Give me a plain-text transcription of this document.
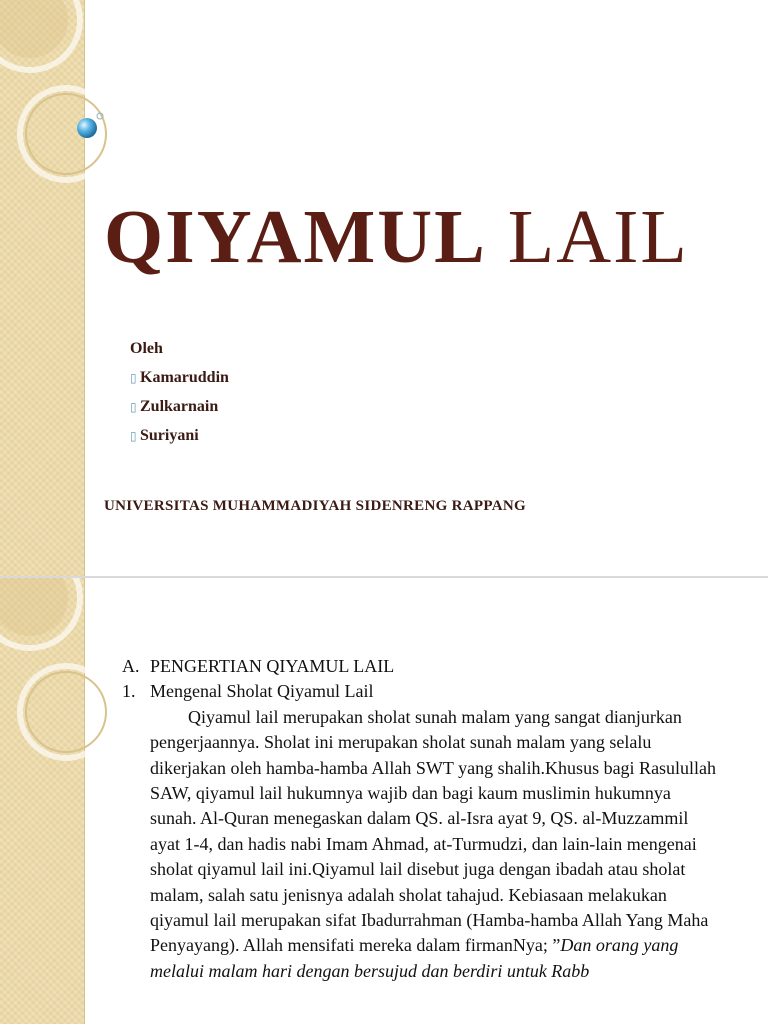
QIYAMUL LAIL
Oleh
▯ Kamaruddin
▯ Zulkarnain
▯ Suriyani

UNIVERSITAS MUHAMMADIYAH SIDENRENG RAPPANG

A. PENGERTIAN QIYAMUL LAIL
1. Mengenal Sholat Qiyamul Lail

Qiyamul lail merupakan sholat sunah malam yang sangat dianjurkan pengerjaannya. Sholat ini merupakan sholat sunah malam yang selalu dikerjakan oleh hamba-hamba Allah SWT yang shalih.Khusus bagi Rasulullah SAW, qiyamul lail hukumnya wajib dan bagi kaum muslimin hukumnya sunah. Al-Quran menegaskan dalam QS. al-Isra ayat 9, QS. al-Muzzammil ayat 1-4, dan hadis nabi Imam Ahmad, at-Turmudzi, dan lain-lain mengenai sholat qiyamul lail ini.Qiyamul lail disebut juga dengan ibadah atau sholat malam, salah satu jenisnya adalah sholat tahajud. Kebiasaan melakukan qiyamul lail merupakan sifat Ibadurrahman (Hamba-hamba Allah Yang Maha Penyayang). Allah mensifati mereka dalam firmanNya; ”Dan orang yang melalui malam hari dengan bersujud dan berdiri untuk Rabb
